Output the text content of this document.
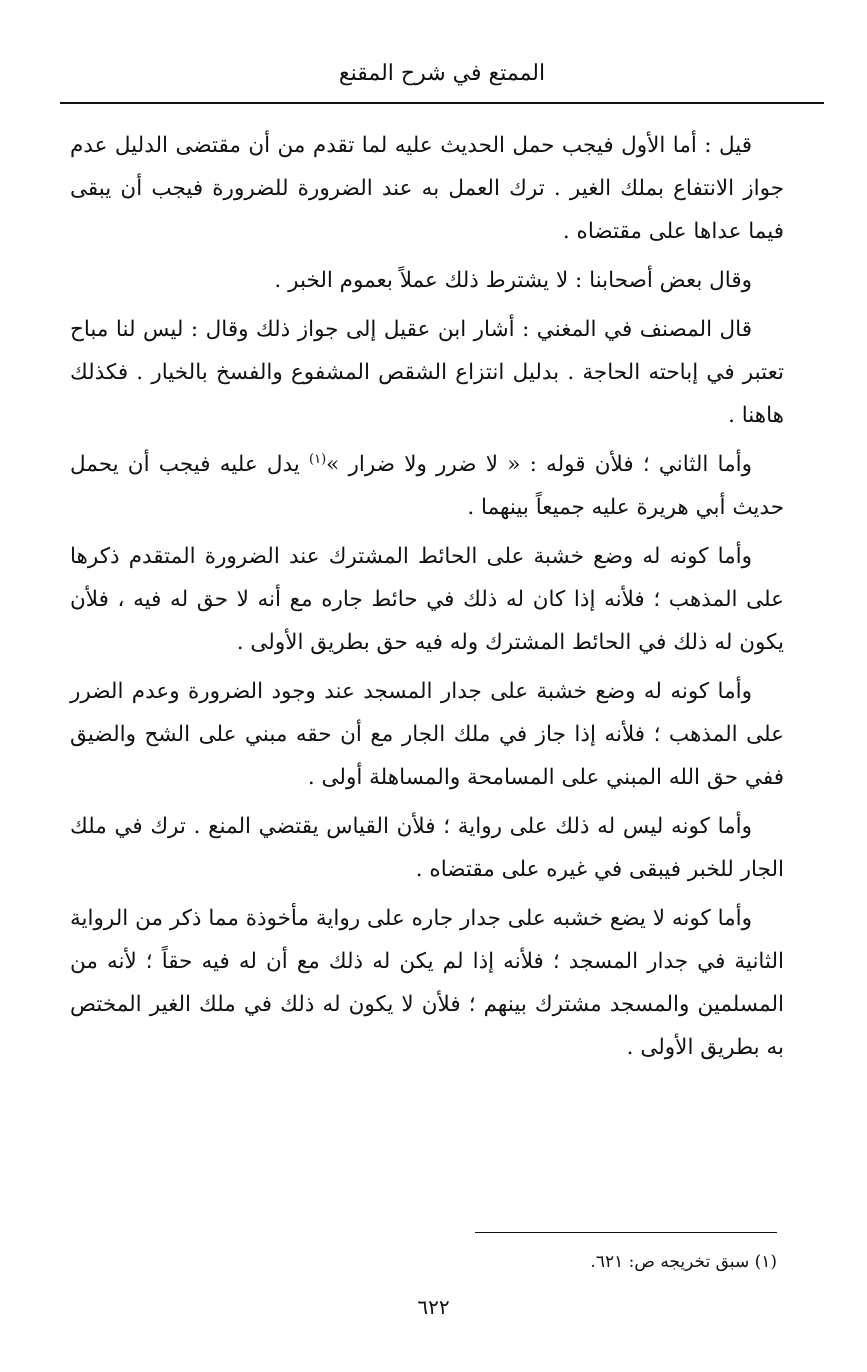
الممتع في شرح المقنع

قيل : أما الأول فيجب حمل الحديث عليه لما تقدم من أن مقتضى الدليل عدم جواز الانتفاع بملك الغير . ترك العمل به عند الضرورة للضرورة فيجب أن يبقى فيما عداها على مقتضاه .

وقال بعض أصحابنا : لا يشترط ذلك عملاً بعموم الخبر .

قال المصنف في المغني : أشار ابن عقيل إلى جواز ذلك وقال : ليس لنا مباح تعتبر في إباحته الحاجة . بدليل انتزاع الشقص المشفوع والفسخ بالخيار . فكذلك هاهنا .

وأما الثاني ؛ فلأن قوله : « لا ضرر ولا ضرار »$^{(١)}$ يدل عليه فيجب أن يحمل حديث أبي هريرة عليه جميعاً بينهما .

وأما كونه له وضع خشبة على الحائط المشترك عند الضرورة المتقدم ذكرها على المذهب ؛ فلأنه إذا كان له ذلك في حائط جاره مع أنه لا حق له فيه ، فلأن يكون له ذلك في الحائط المشترك وله فيه حق بطريق الأولى .

وأما كونه له وضع خشبة على جدار المسجد عند وجود الضرورة وعدم الضرر على المذهب ؛ فلأنه إذا جاز في ملك الجار مع أن حقه مبني على الشح والضيق ففي حق الله المبني على المسامحة والمساهلة أولى .

وأما كونه ليس له ذلك على رواية ؛ فلأن القياس يقتضي المنع . ترك في ملك الجار للخبر فيبقى في غيره على مقتضاه .

وأما كونه لا يضع خشبه على جدار جاره على رواية مأخوذة مما ذكر من الرواية الثانية في جدار المسجد ؛ فلأنه إذا لم يكن له ذلك مع أن له فيه حقاً ؛ لأنه من المسلمين والمسجد مشترك بينهم ؛ فلأن لا يكون له ذلك في ملك الغير المختص به بطريق الأولى .

(١) سبق تخريجه ص: ٦٢١.
٦٢٢
